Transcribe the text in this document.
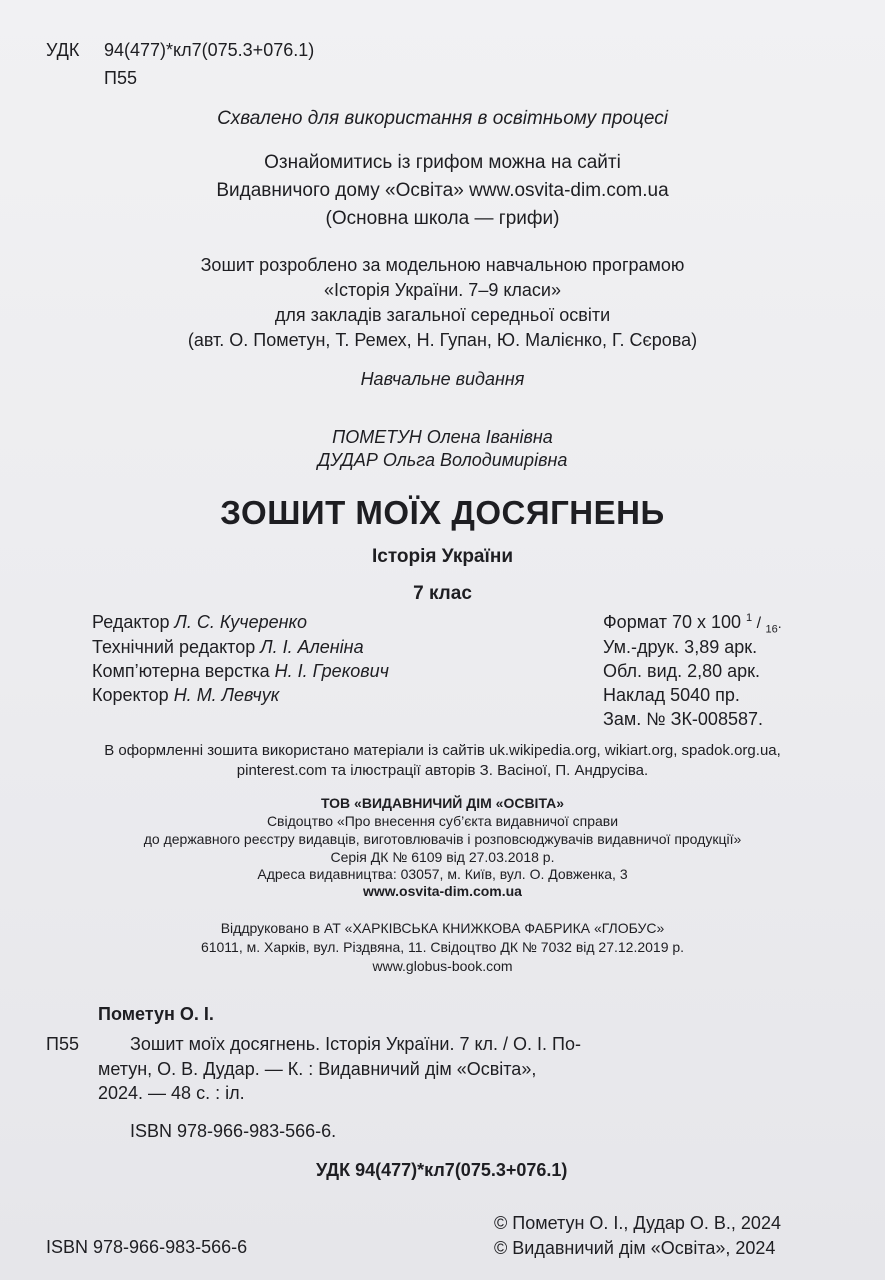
УДК 94(477)*кл7(075.3+076.1)
П55
Схвалено для використання в освітньому процесі
Ознайомитись із грифом можна на сайті
Видавничого дому «Освіта» www.osvita-dim.com.ua
(Основна школа — грифи)
Зошит розроблено за модельною навчальною програмою
«Історія України. 7–9 класи»
для закладів загальної середньої освіти
(авт. О. Пометун, Т. Ремех, Н. Гупан, Ю. Малієнко, Г. Сєрова)
Навчальне видання
ПОМЕТУН Олена Іванівна
ДУДАР Ольга Володимирівна
ЗОШИТ МОЇХ ДОСЯГНЕНЬ
Історія України
7 клас
Редактор Л. С. Кучеренко
Технічний редактор Л. І. Аленіна
Комп’ютерна верстка Н. І. Грекович
Коректор Н. М. Левчук
Формат 70 х 100 $^1$ / $_{16}$.
Ум.-друк. 3,89 арк.
Обл. вид. 2,80 арк.
Наклад 5040 пр.
Зам. № ЗК-008587.
В оформленні зошита використано матеріали із сайтів uk.wikipedia.org, wikiart.org, spadok.org.ua,
pinterest.com та ілюстрації авторів З. Васіної, П. Андрусіва.
ТОВ «ВИДАВНИЧИЙ ДІМ «ОСВІТА»
Свідоцтво «Про внесення суб’єкта видавничої справи
до державного реєстру видавців, виготовлювачів і розповсюджувачів видавничої продукції»
Серія ДК № 6109 від 27.03.2018 р.
Адреса видавництва: 03057, м. Київ, вул. О. Довженка, 3
www.osvita-dim.com.ua
Віддруковано в АТ «ХАРКІВСЬКА КНИЖКОВА ФАБРИКА «ГЛОБУС»
61011, м. Харків, вул. Різдвяна, 11. Свідоцтво ДК № 7032 від 27.12.2019 р.
www.globus-book.com
Пометун О. І.
П55	Зошит моїх досягнень. Історія України. 7 кл. / О. І. По-
метун, О. В. Дудар. — К. : Видавничий дім «Освіта»,
2024. — 48 с. : іл.
ISBN 978-966-983-566-6.
УДК 94(477)*кл7(075.3+076.1)
© Пометун О. І., Дудар О. В., 2024
ISBN 978-966-983-566-6	© Видавничий дім «Освіта», 2024
